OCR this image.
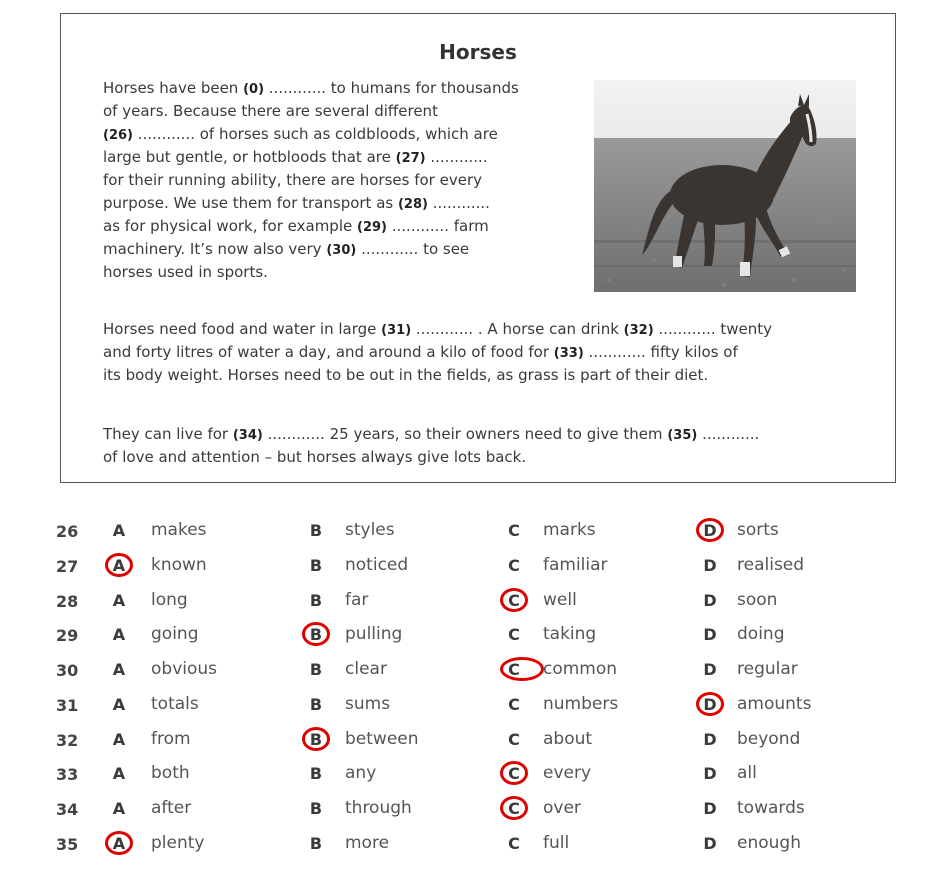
Horses
Horses have been (0) ............ to humans for thousands
of years. Because there are several different
(26) ............ of horses such as coldbloods, which are
large but gentle, or hotbloods that are (27) ............
for their running ability, there are horses for every
purpose. We use them for transport as (28) ............
as for physical work, for example (29) ............ farm
machinery. It’s now also very (30) ............ to see
horses used in sports.
Horses need food and water in large (31) ............ . A horse can drink (32) ............ twenty
and forty litres of water a day, and around a kilo of food for (33) ............ fifty kilos of
its body weight. Horses need to be out in the fields, as grass is part of their diet.
They can live for (34) ............ 25 years, so their owners need to give them (35) ............
of love and attention – but horses always give lots back.
26 A makes	B styles	C	marks	D sorts
27 A known	B noticed	C	familiar	D realised
28 A long	B far	C	well	D soon
29 A going	B pulling	C	taking	D doing
30 A obvious	B clear	C	common	D regular
31 A totals	B sums	C	numbers	D amounts
32 A from	B between	C	about	D beyond
33 A both	B any	C	every	D all
34 A after	B through	C	over	D towards
35 A plenty	B more	C	full	D enough
